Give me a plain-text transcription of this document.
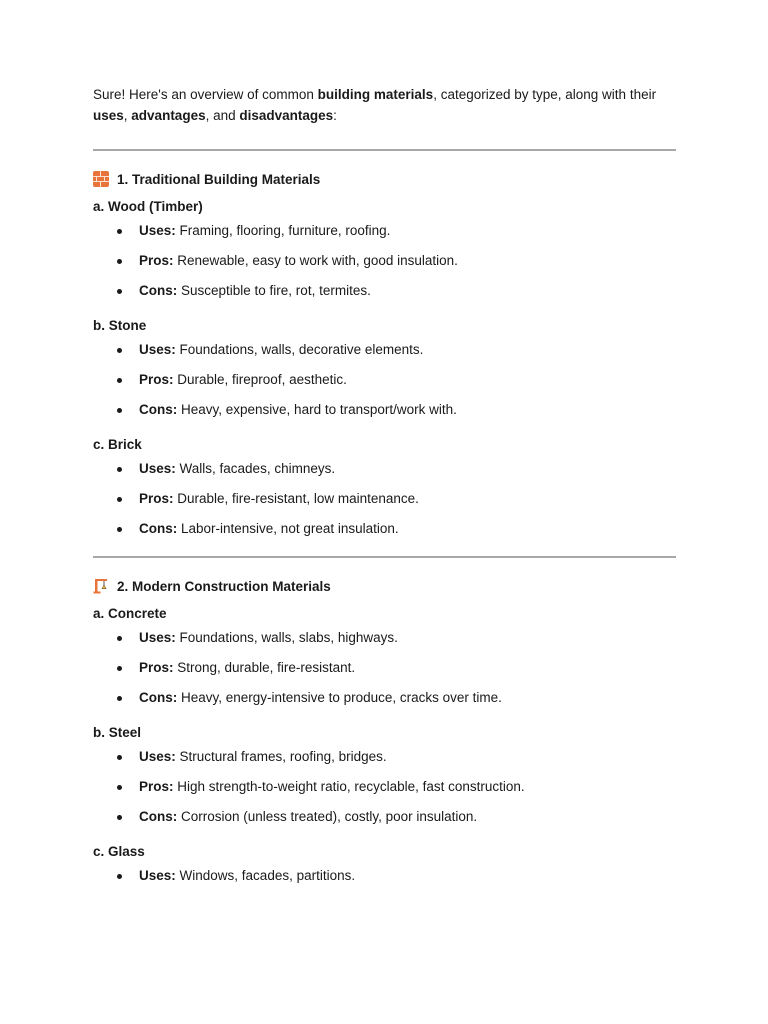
Sure! Here's an overview of common building materials, categorized by type, along with their uses, advantages, and disadvantages:

1. Traditional Building Materials
a. Wood (Timber)
Uses: Framing, flooring, furniture, roofing.
Pros: Renewable, easy to work with, good insulation.
Cons: Susceptible to fire, rot, termites.
b. Stone
Uses: Foundations, walls, decorative elements.
Pros: Durable, fireproof, aesthetic.
Cons: Heavy, expensive, hard to transport/work with.
c. Brick
Uses: Walls, facades, chimneys.
Pros: Durable, fire-resistant, low maintenance.
Cons: Labor-intensive, not great insulation.
2. Modern Construction Materials
a. Concrete
Uses: Foundations, walls, slabs, highways.
Pros: Strong, durable, fire-resistant.
Cons: Heavy, energy-intensive to produce, cracks over time.
b. Steel
Uses: Structural frames, roofing, bridges.
Pros: High strength-to-weight ratio, recyclable, fast construction.
Cons: Corrosion (unless treated), costly, poor insulation.
c. Glass
Uses: Windows, facades, partitions.
